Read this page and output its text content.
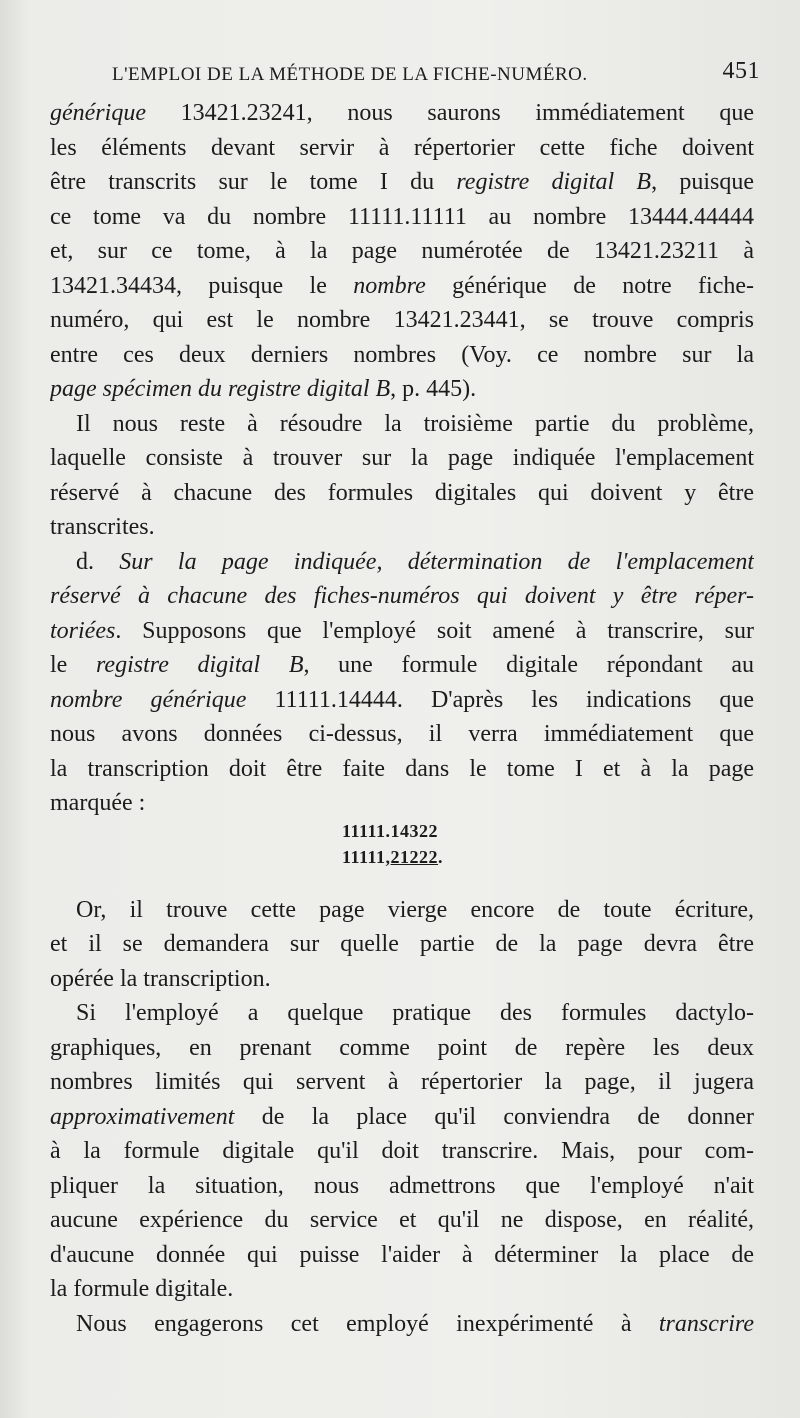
L'EMPLOI DE LA MÉTHODE DE LA FICHE-NUMÉRO.	451
générique 13421.23241, nous saurons immédiatement que
les éléments devant servir à répertorier cette fiche doivent
être transcrits sur le tome I du registre digital B, puisque
ce tome va du nombre 11111.11111 au nombre 13444.44444
et, sur ce tome, à la page numérotée de 13421.23211 à
13421.34434, puisque le nombre générique de notre fiche-
numéro, qui est le nombre 13421.23441, se trouve compris
entre ces deux derniers nombres (Voy. ce nombre sur la
page spécimen du registre digital B, p. 445).
Il nous reste à résoudre la troisième partie du problème,
laquelle consiste à trouver sur la page indiquée l'emplacement
réservé à chacune des formules digitales qui doivent y être
transcrites.
d. Sur la page indiquée, détermination de l'emplacement
réservé à chacune des fiches-numéros qui doivent y être réper-
toriées. Supposons que l'employé soit amené à transcrire, sur
le registre digital B, une formule digitale répondant au
nombre générique 11111.14444. D'après les indications que
nous avons données ci-dessus, il verra immédiatement que
la transcription doit être faite dans le tome I et à la page
marquée :
11111.14322
11111,21222.
Or, il trouve cette page vierge encore de toute écriture,
et il se demandera sur quelle partie de la page devra être
opérée la transcription.
Si l'employé a quelque pratique des formules dactylo-
graphiques, en prenant comme point de repère les deux
nombres limités qui servent à répertorier la page, il jugera
approximativement de la place qu'il conviendra de donner
à la formule digitale qu'il doit transcrire. Mais, pour com-
pliquer la situation, nous admettrons que l'employé n'ait
aucune expérience du service et qu'il ne dispose, en réalité,
d'aucune donnée qui puisse l'aider à déterminer la place de
la formule digitale.
Nous engagerons cet employé inexpérimenté à transcrire
